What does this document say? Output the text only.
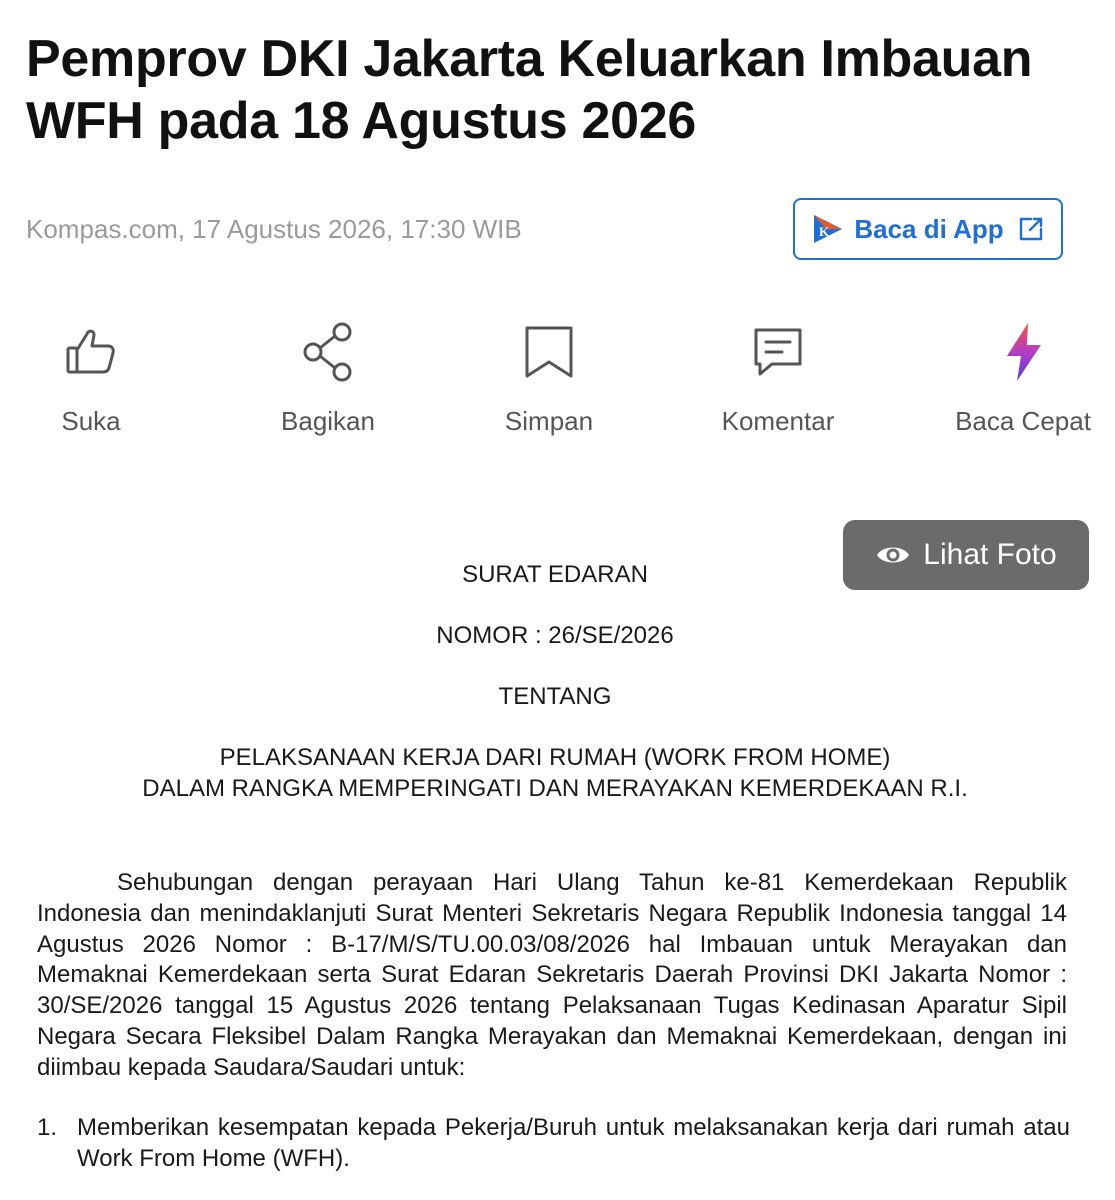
Pemprov DKI Jakarta Keluarkan Imbauan WFH pada 18 Agustus 2026
Kompas.com, 17 Agustus 2026, 17:30 WIB	K Baca di App
Suka	Bagikan	Simpan	Komentar	Baca Cepat
Lihat Foto
SURAT EDARAN
NOMOR : 26/SE/2026
TENTANG
PELAKSANAAN KERJA DARI RUMAH (WORK FROM HOME)
DALAM RANGKA MEMPERINGATI DAN MERAYAKAN KEMERDEKAAN R.I.

Sehubungan dengan perayaan Hari Ulang Tahun ke-81 Kemerdekaan Republik Indonesia dan menindaklanjuti Surat Menteri Sekretaris Negara Republik Indonesia tanggal 14 Agustus 2026 Nomor : B-17/M/S/TU.00.03/08/2026 hal Imbauan untuk Merayakan dan Memaknai Kemerdekaan serta Surat Edaran Sekretaris Daerah Provinsi DKI Jakarta Nomor : 30/SE/2026 tanggal 15 Agustus 2026 tentang Pelaksanaan Tugas Kedinasan Aparatur Sipil Negara Secara Fleksibel Dalam Rangka Merayakan dan Memaknai Kemerdekaan, dengan ini diimbau kepada Saudara/Saudari untuk:

1. Memberikan kesempatan kepada Pekerja/Buruh untuk melaksanakan kerja dari rumah atau Work From Home (WFH).
